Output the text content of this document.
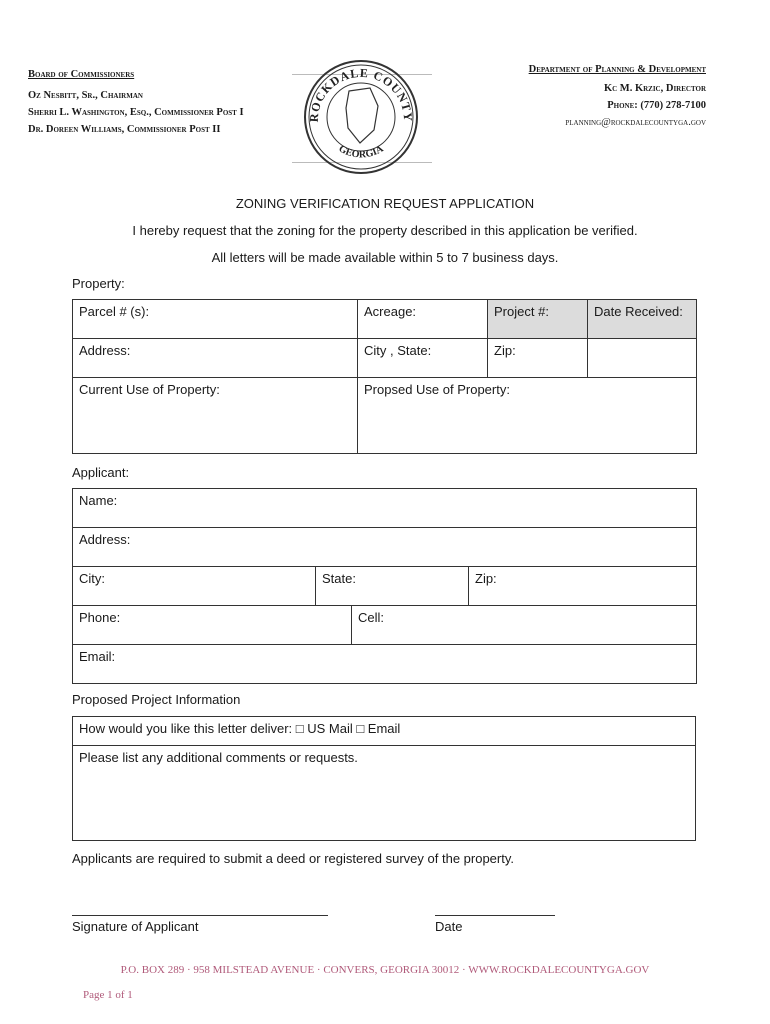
Board of Commissioners
Oz Nesbitt, Sr., Chairman
Sherri L. Washington, Esq., Commissioner Post I
Dr. Doreen Williams, Commissioner Post II
ROCKDALE COUNTY
GEORGIA
Department of Planning & Development
Kc M. Krzic, Director
Phone: (770) 278-7100
planning@rockdalecountyga.gov
ZONING VERIFICATION REQUEST APPLICATION
I hereby request that the zoning for the property described in this application be verified.
All letters will be made available within 5 to 7 business days.
Property:
Parcel # (s):	Acreage:	Project #:	Date Received:
Address:	City , State:	Zip:	
Current Use of Property:	Propsed Use of Property:		
Applicant:
Name:			
Address:			
City:	State:		Zip:
Phone:		Cell:	
Email:			
Proposed Project Information
How would you like this letter deliver: □ US Mail □ Email
Please list any additional comments or requests.
Applicants are required to submit a deed or registered survey of the property.
Signature of Applicant	Date
P.O. BOX 289 · 958 MILSTEAD AVENUE · CONVERS, GEORGIA 30012 · WWW.ROCKDALECOUNTYGA.GOV
Page 1 of 1
